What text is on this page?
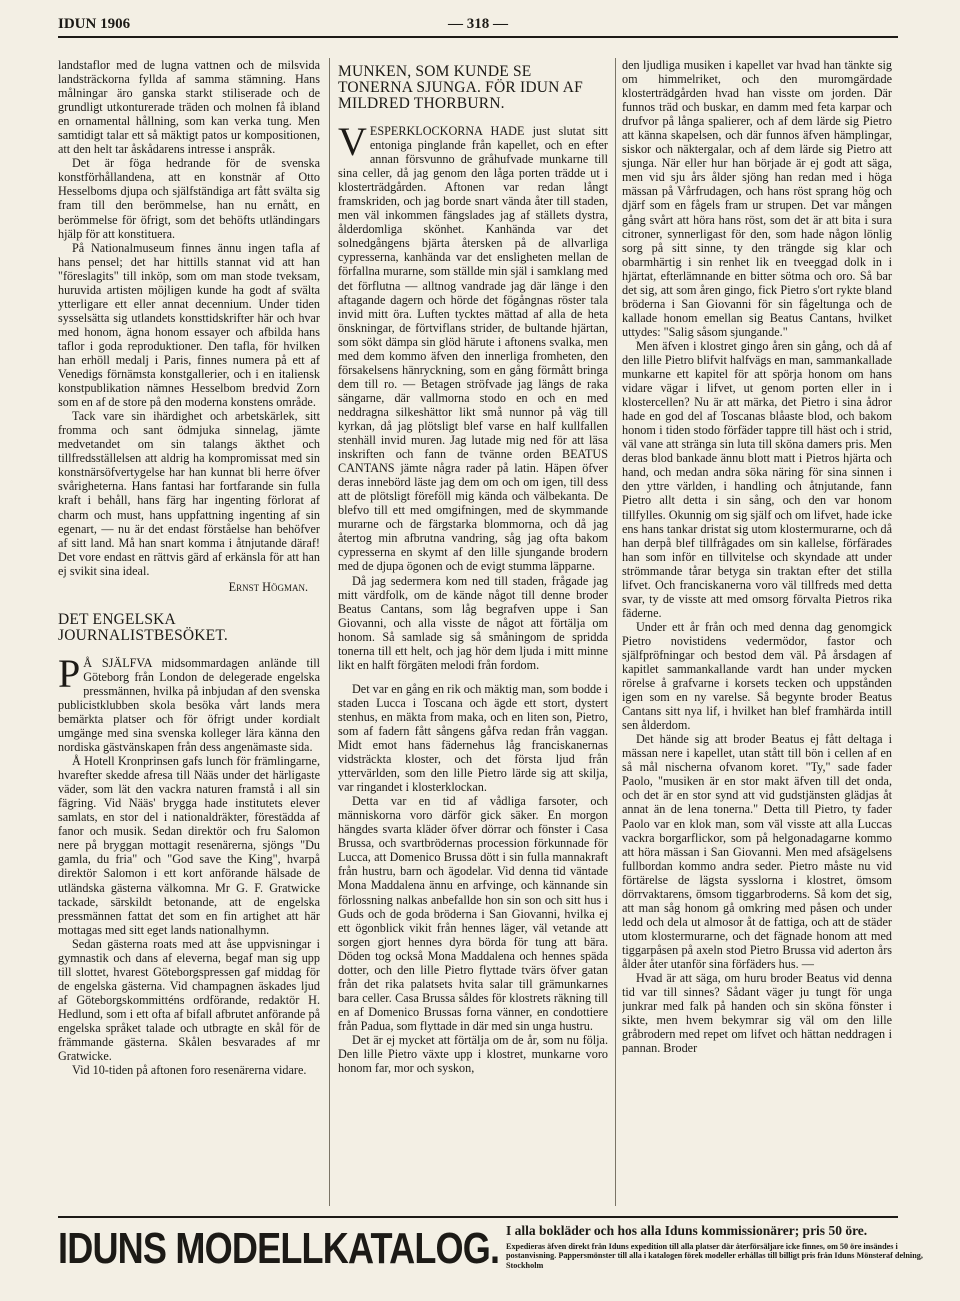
IDUN 1906	— 318 —

landstaflor med de lugna vattnen och de milsvida landsträckorna fyllda af samma stämning. Hans målningar äro ganska starkt stiliserade och de grundligt utkonturerade träden och molnen få ibland en ornamental hållning, som kan verka tung. Men samtidigt talar ett så mäktigt patos ur kompositionen, att den helt tar åskådarens intresse i anspråk.

Det är föga hedrande för de svenska konstförhållandena, att en konstnär af Otto Hesselboms djupa och själfständiga art fått svälta sig fram till den berömmelse, han nu ernått, en berömmelse för öfrigt, som det behöfts utländingars hjälp för att konstituera.

På Nationalmuseum finnes ännu ingen tafla af hans pensel; det har hittills stannat vid att han "föreslagits" till inköp, som om man stode tveksam, huruvida artisten möjligen kunde ha godt af svälta ytterligare ett eller annat decennium. Under tiden sysselsätta sig utlandets konsttidskrifter här och hvar med honom, ägna honom essayer och afbilda hans taflor i goda reproduktioner. Den tafla, för hvilken han erhöll medalj i Paris, finnes numera på ett af Venedigs förnämsta konstgallerier, och i en italiensk konstpublikation nämnes Hesselbom bredvid Zorn som en af de store på den moderna konstens område.

Tack vare sin ihärdighet och arbetskärlek, sitt fromma och sant ödmjuka sinnelag, jämte medvetandet om sin talangs äkthet och tillfredsställelsen att aldrig ha kompromissat med sin konstnärsöfvertygelse har han kunnat bli herre öfver svårigheterna. Hans fantasi har fortfarande sin fulla kraft i behåll, hans färg har ingenting förlorat af charm och must, hans uppfattning ingenting af sin egenart, — nu är det endast förståelse han behöfver af sitt land. Må han snart komma i åtnjutande däraf! Det vore endast en rättvis gärd af erkänsla för att han ej svikit sina ideal.

Ernst Högman.
DET ENGELSKA JOURNALISTBESÖKET.

P Å SJÄLFVA midsommardagen anlände till Göteborg från London de delegerade engelska pressmännen, hvilka på inbjudan af den svenska publicistklubben skola besöka vårt lands mera bemärkta platser och för öfrigt under kordialt umgänge med sina svenska kolleger lära känna den nordiska gästvänskapen från dess angenämaste sida.

Å Hotell Kronprinsen gafs lunch för främlingarne, hvarefter skedde afresa till Nääs under det härligaste väder, som lät den vackra naturen framstå i all sin fägring. Vid Nääs' brygga hade institutets elever samlats, en stor del i nationaldräkter, förestädda af fanor och musik. Sedan direktör och fru Salomon nere på bryggan mottagit resenärerna, sjöngs "Du gamla, du fria" och "God save the King", hvarpå direktör Salomon i ett kort anförande hälsade de utländska gästerna välkomna. Mr G. F. Gratwicke tackade, särskildt betonande, att de engelska pressmännen fattat det som en fin artighet att här mottagas med sitt eget lands nationalhymn.

Sedan gästerna roats med att åse uppvisningar i gymnastik och dans af eleverna, begaf man sig upp till slottet, hvarest Göteborgspressen gaf middag för de engelska gästerna. Vid champagnen äskades ljud af Göteborgskommitténs ordförande, redaktör H. Hedlund, som i ett ofta af bifall afbrutet anförande på engelska språket talade och utbragte en skål för de främmande gästerna. Skålen besvarades af mr Gratwicke.

Vid 10-tiden på aftonen foro resenärerna vidare.

MUNKEN, SOM KUNDE SE TONERNA SJUNGA. FÖR IDUN AF MILDRED THORBURN.

VESPERKLOCKORNA HADE just slutat sitt entoniga pinglande från kapellet, och en efter annan försvunno de gråhufvade munkarne till sina celler, då jag genom den låga porten trädde ut i klosterträdgården. Aftonen var redan långt framskriden, och jag borde snart vända åter till staden, men väl inkommen fängslades jag af ställets dystra, ålderdomliga skönhet. Kanhända var det solnedgångens bjärta återsken på de allvarliga cypresserna, kanhända var det ensligheten mellan de förfallna murarne, som ställde min själ i samklang med det förflutna — alltnog vandrade jag där länge i den aftagande dagern och hörde det fögångnas röster tala invid mitt öra. Luften tycktes mättad af alla de heta önskningar, de förtviflans strider, de bultande hjärtan, som sökt dämpa sin glöd härute i aftonens svalka, men med dem kommo äfven den innerliga fromheten, den försakelsens hänryckning, som en gång förmått bringa dem till ro. — Betagen ströfvade jag längs de raka sängarne, där vallmorna stodo en och en med neddragna silkeshättor likt små nunnor på väg till kyrkan, då jag plötsligt blef varse en half kullfallen stenhäll invid muren. Jag lutade mig ned för att läsa inskriften och fann de tvänne orden BEATUS CANTANS jämte några rader på latin. Häpen öfver deras innebörd läste jag dem om och om igen, till dess att de plötsligt föreföll mig kända och välbekanta. De blefvo till ett med omgifningen, med de skymmande murarne och de färgstarka blommorna, och då jag återtog min afbrutna vandring, såg jag ofta bakom cypresserna en skymt af den lille sjungande brodern med de djupa ögonen och de evigt stumma läpparne.

Då jag sedermera kom ned till staden, frågade jag mitt värdfolk, om de kände något till denne broder Beatus Cantans, som låg begrafven uppe i San Giovanni, och alla visste de något att förtälja om honom. Så samlade sig så småningom de spridda tonerna till ett helt, och jag hör dem ljuda i mitt minne likt en halft förgäten melodi från fordom.

Det var en gång en rik och mäktig man, som bodde i staden Lucca i Toscana och ägde ett stort, dystert stenhus, en mäkta from maka, och en liten son, Pietro, som af fadern fått sångens gåfva redan från vaggan. Midt emot hans fädernehus låg franciskanernas vidsträckta kloster, och det första ljud från yttervärlden, som den lille Pietro lärde sig att skilja, var ringandet i klosterklockan.

Detta var en tid af vådliga farsoter, och människorna voro därför gick säker. En morgon hängdes svarta kläder öfver dörrar och fönster i Casa Brussa, och svartbrödernas procession förkunnade för Lucca, att Domenico Brussa dött i sin fulla mannakraft från hustru, barn och ägodelar. Vid denna tid väntade Mona Maddalena ännu en arfvinge, och kännande sin förlossning nalkas anbefallde hon sin son och sitt hus i Guds och de goda bröderna i San Giovanni, hvilka ej ett ögonblick vikit från hennes läger, väl vetande att sorgen gjort hennes dyra börda för tung att bära. Döden tog också Mona Maddalena och hennes späda dotter, och den lille Pietro flyttade tvärs öfver gatan från det rika palatsets hvita salar till grämunkarnes bara celler. Casa Brussa såldes för klostrets räkning till en af Domenico Brussas forna vänner, en condottiere från Padua, som flyttade in där med sin unga hustru.

Det är ej mycket att förtälja om de år, som nu följa. Den lille Pietro växte upp i klostret, munkarne voro honom far, mor och syskon,

den ljudliga musiken i kapellet var hvad han tänkte sig om himmelriket, och den muromgärdade klosterträdgården hvad han visste om jorden. Där funnos träd och buskar, en damm med feta karpar och drufvor på långa spalierer, och af dem lärde sig Pietro att känna skapelsen, och där funnos äfven hämplingar, siskor och näktergalar, och af dem lärde sig Pietro att sjunga. När eller hur han började är ej godt att säga, men vid sju års ålder sjöng han redan med i höga mässan på Vårfrudagen, och hans röst sprang hög och djärf som en fågels fram ur strupen. Det var mången gång svårt att höra hans röst, som det är att bita i sura citroner, synnerligast för den, som hade någon lönlig sorg på sitt sinne, ty den trängde sig klar och obarmhärtig i sin renhet lik en tveeggad dolk in i hjärtat, efterlämnande en bitter sötma och oro. Så bar det sig, att som åren gingo, fick Pietro s'ort rykte bland bröderna i San Giovanni för sin fågeltunga och de kallade honom emellan sig Beatus Cantans, hvilket uttydes: "Salig såsom sjungande."

Men äfven i klostret gingo åren sin gång, och då af den lille Pietro blifvit halfvägs en man, sammankallade munkarne ett kapitel för att spörja honom om hans vidare vägar i lifvet, ut genom porten eller in i klostercellen? Nu är att märka, det Pietro i sina ådror hade en god del af Toscanas blåaste blod, och bakom honom i tiden stodo förfäder tappre till häst och i strid, väl vane att stränga sin luta till sköna damers pris. Men deras blod bankade ännu blott matt i Pietros hjärta och hand, och medan andra söka näring för sina sinnen i den yttre världen, i handling och åtnjutande, fann Pietro allt detta i sin sång, och den var honom tillfylles. Okunnig om sig själf och om lifvet, hade icke ens hans tankar dristat sig utom klostermurarne, och då han derpå blef tillfrågades om sin kallelse, förfärades han som inför en tillvitelse och skyndade att under strömmande tårar betyga sin traktan efter det stilla lifvet. Och franciskanerna voro väl tillfreds med detta svar, ty de visste att med omsorg förvalta Pietros rika fäderne.

Under ett år från och med denna dag genomgick Pietro novistidens vedermödor, fastor och själfpröfningar och bestod dem väl. På årsdagen af kapitlet sammankallande vardt han under mycken rörelse å grafvarne i korsets tecken och uppstånden igen som en ny varelse. Så begynte broder Beatus Cantans sitt nya lif, i hvilket han blef framhärda intill sen ålderdom.

Det hände sig att broder Beatus ej fått deltaga i mässan nere i kapellet, utan stått till bön i cellen af en så mål nischerna ofvanom koret. "Ty," sade fader Paolo, "musiken är en stor makt äfven till det onda, och det är en stor synd att vid gudstjänsten glädjas åt annat än de lena tonerna." Detta till Pietro, ty fader Paolo var en klok man, som väl visste att alla Luccas vackra borgarflickor, som på helgonadagarne kommo att höra mässan i San Giovanni. Men med afsägelsens fullbordan kommo andra seder. Pietro måste nu vid förtärelse de lägsta sysslorna i klostret, ömsom dörrvaktarens, ömsom tiggarbroderns. Så kom det sig, att man såg honom gå omkring med påsen och under ledd och dela ut almosor åt de fattiga, och att de städer utom klostermurarne, och det fägnade honom att med tiggarpåsen på axeln stod Pietro Brussa vid aderton års ålder åter utanför sina förfäders hus. —

Hvad är att säga, om huru broder Beatus vid denna tid var till sinnes? Sådant väger ju tungt för unga junkrar med falk på handen och sin sköna fönster i sikte, men hvem bekymrar sig väl om den lille gråbrodern med repet om lifvet och hättan neddragen i pannan. Broder

IDUNS MODELLKATALOG. I alla bokläder och hos alla Iduns kommissionärer; pris 50 öre.
Expedieras äfven direkt från Iduns expedition till alla platser där återförsäljare icke finnes, om 50 öre insändes i postanvisning. Pappersmönster till alla i katalogen förek modeller erhållas till billigt pris från Iduns Mönsteraf delning, Stockholm
